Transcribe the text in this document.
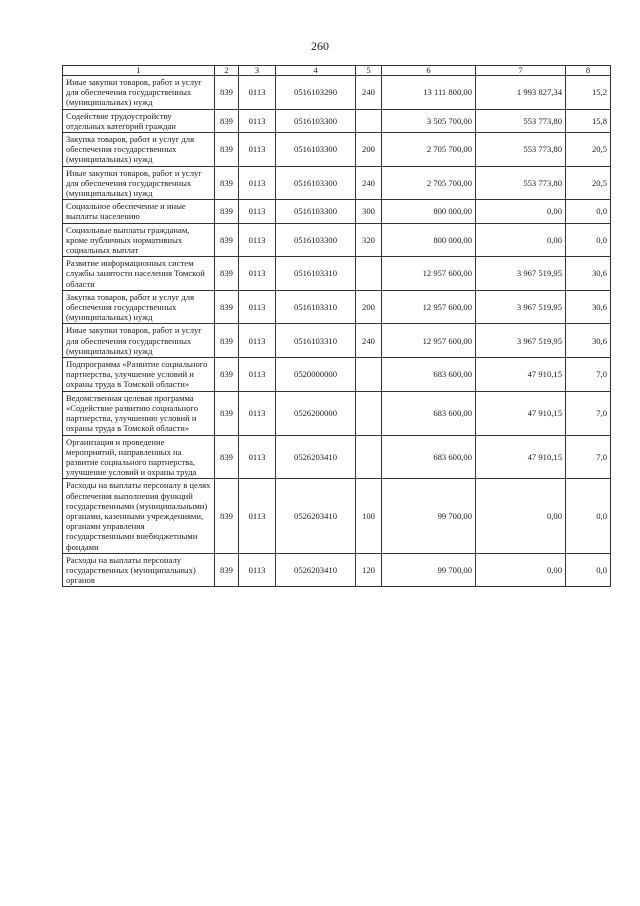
260
1	2	3	4	5	6	7	8
Иные закупки товаров, работ и услуг для обеспечения государственных (муниципальных) нужд	839	0113	0516103290	240	13 111 800,00	1 993 827,34	15,2
Содействие трудоустройству отдельных категорий граждан	839	0113	0516103300		3 505 700,00	553 773,80	15,8
Закупка товаров, работ и услуг для обеспечения государственных (муниципальных) нужд	839	0113	0516103300	200	2 705 700,00	553 773,80	20,5
Иные закупки товаров, работ и услуг для обеспечения государственных (муниципальных) нужд	839	0113	0516103300	240	2 705 700,00	553 773,80	20,5
Социальное обеспечение и иные выплаты населению	839	0113	0516103300	300	800 000,00	0,00	0,0
Социальные выплаты гражданам, кроме публичных нормативных социальных выплат	839	0113	0516103300	320	800 000,00	0,00	0,0
Развитие информационных систем службы занятости населения Томской области	839	0113	0516103310		12 957 600,00	3 967 519,95	30,6
Закупка товаров, работ и услуг для обеспечения государственных (муниципальных) нужд	839	0113	0516103310	200	12 957 600,00	3 967 519,95	30,6
Иные закупки товаров, работ и услуг для обеспечения государственных (муниципальных) нужд	839	0113	0516103310	240	12 957 600,00	3 967 519,95	30,6
Подпрограмма «Развитие социального партнерства, улучшение условий и охраны труда в Томской области»	839	0113	0520000000		683 600,00	47 910,15	7,0
Ведомственная целевая программа «Содействие развитию социального партнерства, улучшению условий и охраны труда в Томской области»	839	0113	0526200000		683 600,00	47 910,15	7,0
Организация и проведение мероприятий, направленных на развитие социального партнерства, улучшение условий и охраны труда	839	0113	0526203410		683 600,00	47 910,15	7,0
Расходы на выплаты персоналу в целях обеспечения выполнения функций государственными (муниципальными) органами, казенными учреждениями, органами управления государственными внебюджетными фондами	839	0113	0526203410	100	99 700,00	0,00	0,0
Расходы на выплаты персоналу государственных (муниципальных) органов	839	0113	0526203410	120	99 700,00	0,00	0,0
